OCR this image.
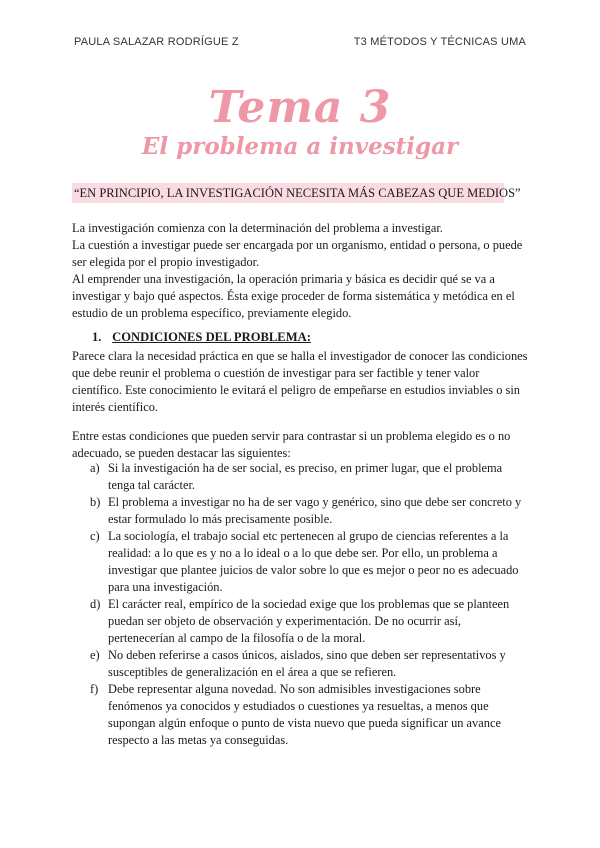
PAULA SALAZAR RODRÍGUE Z	T3 MÉTODOS Y TÉCNICAS UMA
Tema 3
El problema a investigar
“EN PRINCIPIO, LA INVESTIGACIÓN NECESITA MÁS CABEZAS QUE MEDIOS”

La investigación comienza con la determinación del problema a investigar.

La cuestión a investigar puede ser encargada por un organismo, entidad o persona, o puede ser elegida por el propio investigador.

Al emprender una investigación, la operación primaria y básica es decidir qué se va a investigar y bajo qué aspectos. Ésta exige proceder de forma sistemática y metódica en el estudio de un problema específico, previamente elegido.

1. CONDICIONES DEL PROBLEMA:

Parece clara la necesidad práctica en que se halla el investigador de conocer las condiciones que debe reunir el problema o cuestión de investigar para ser factible y tener valor científico. Este conocimiento le evitará el peligro de empeñarse en estudios inviables o sin interés científico.

Entre estas condiciones que pueden servir para contrastar si un problema elegido es o no adecuado, se pueden destacar las siguientes:

a) Si la investigación ha de ser social, es preciso, en primer lugar, que el problema tenga tal carácter.
b) El problema a investigar no ha de ser vago y genérico, sino que debe ser concreto y estar formulado lo más precisamente posible.
c) La sociología, el trabajo social etc pertenecen al grupo de ciencias referentes a la realidad: a lo que es y no a lo ideal o a lo que debe ser. Por ello, un problema a investigar que plantee juicios de valor sobre lo que es mejor o peor no es adecuado para una investigación.
d) El carácter real, empírico de la sociedad exige que los problemas que se planteen puedan ser objeto de observación y experimentación. De no ocurrir así, pertenecerían al campo de la filosofía o de la moral.
e) No deben referirse a casos únicos, aislados, sino que deben ser representativos y susceptibles de generalización en el área a que se refieren.
f) Debe representar alguna novedad. No son admisibles investigaciones sobre fenómenos ya conocidos y estudiados o cuestiones ya resueltas, a menos que supongan algún enfoque o punto de vista nuevo que pueda significar un avance respecto a las metas ya conseguidas.
